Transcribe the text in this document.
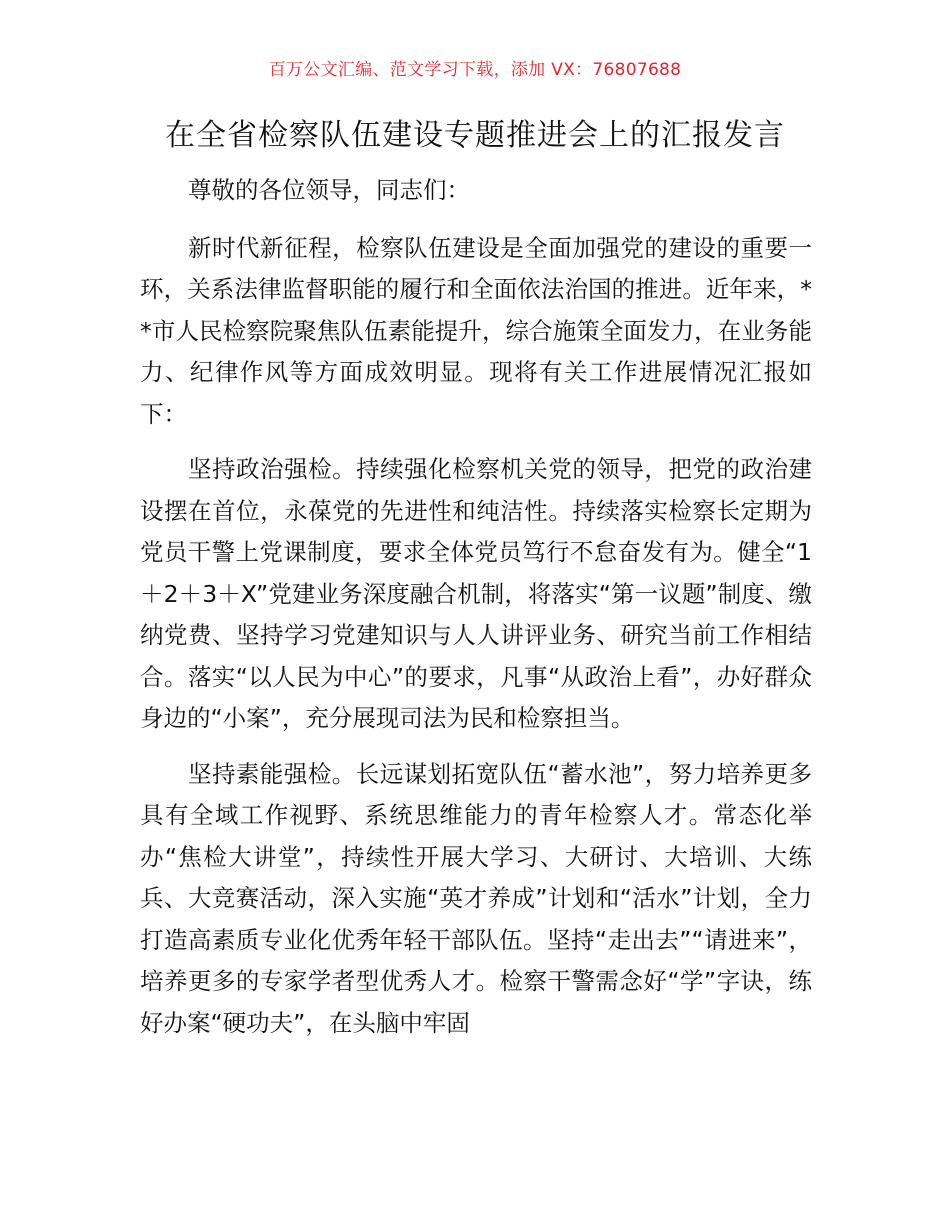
百万公文汇编、范文学习下载，添加 VX：76807688
在全省检察队伍建设专题推进会上的汇报发言

尊敬的各位领导，同志们：

新时代新征程，检察队伍建设是全面加强党的建设的重要一环，关系法律监督职能的履行和全面依法治国的推进。近年来，**市人民检察院聚焦队伍素能提升，综合施策全面发力，在业务能力、纪律作风等方面成效明显。现将有关工作进展情况汇报如下：

坚持政治强检。持续强化检察机关党的领导，把党的政治建设摆在首位，永葆党的先进性和纯洁性。持续落实检察长定期为党员干警上党课制度，要求全体党员笃行不怠奋发有为。健全“1＋2＋3＋X”党建业务深度融合机制，将落实“第一议题”制度、缴纳党费、坚持学习党建知识与人人讲评业务、研究当前工作相结合。落实“以人民为中心”的要求，凡事“从政治上看”，办好群众身边的“小案”，充分展现司法为民和检察担当。

坚持素能强检。长远谋划拓宽队伍“蓄水池”，努力培养更多具有全域工作视野、系统思维能力的青年检察人才。常态化举办“焦检大讲堂”，持续性开展大学习、大研讨、大培训、大练兵、大竞赛活动，深入实施“英才养成”计划和“活水”计划，全力打造高素质专业化优秀年轻干部队伍。坚持“走出去”“请进来”，培养更多的专家学者型优秀人才。检察干警需念好“学”字诀，练好办案“硬功夫”，在头脑中牢固
